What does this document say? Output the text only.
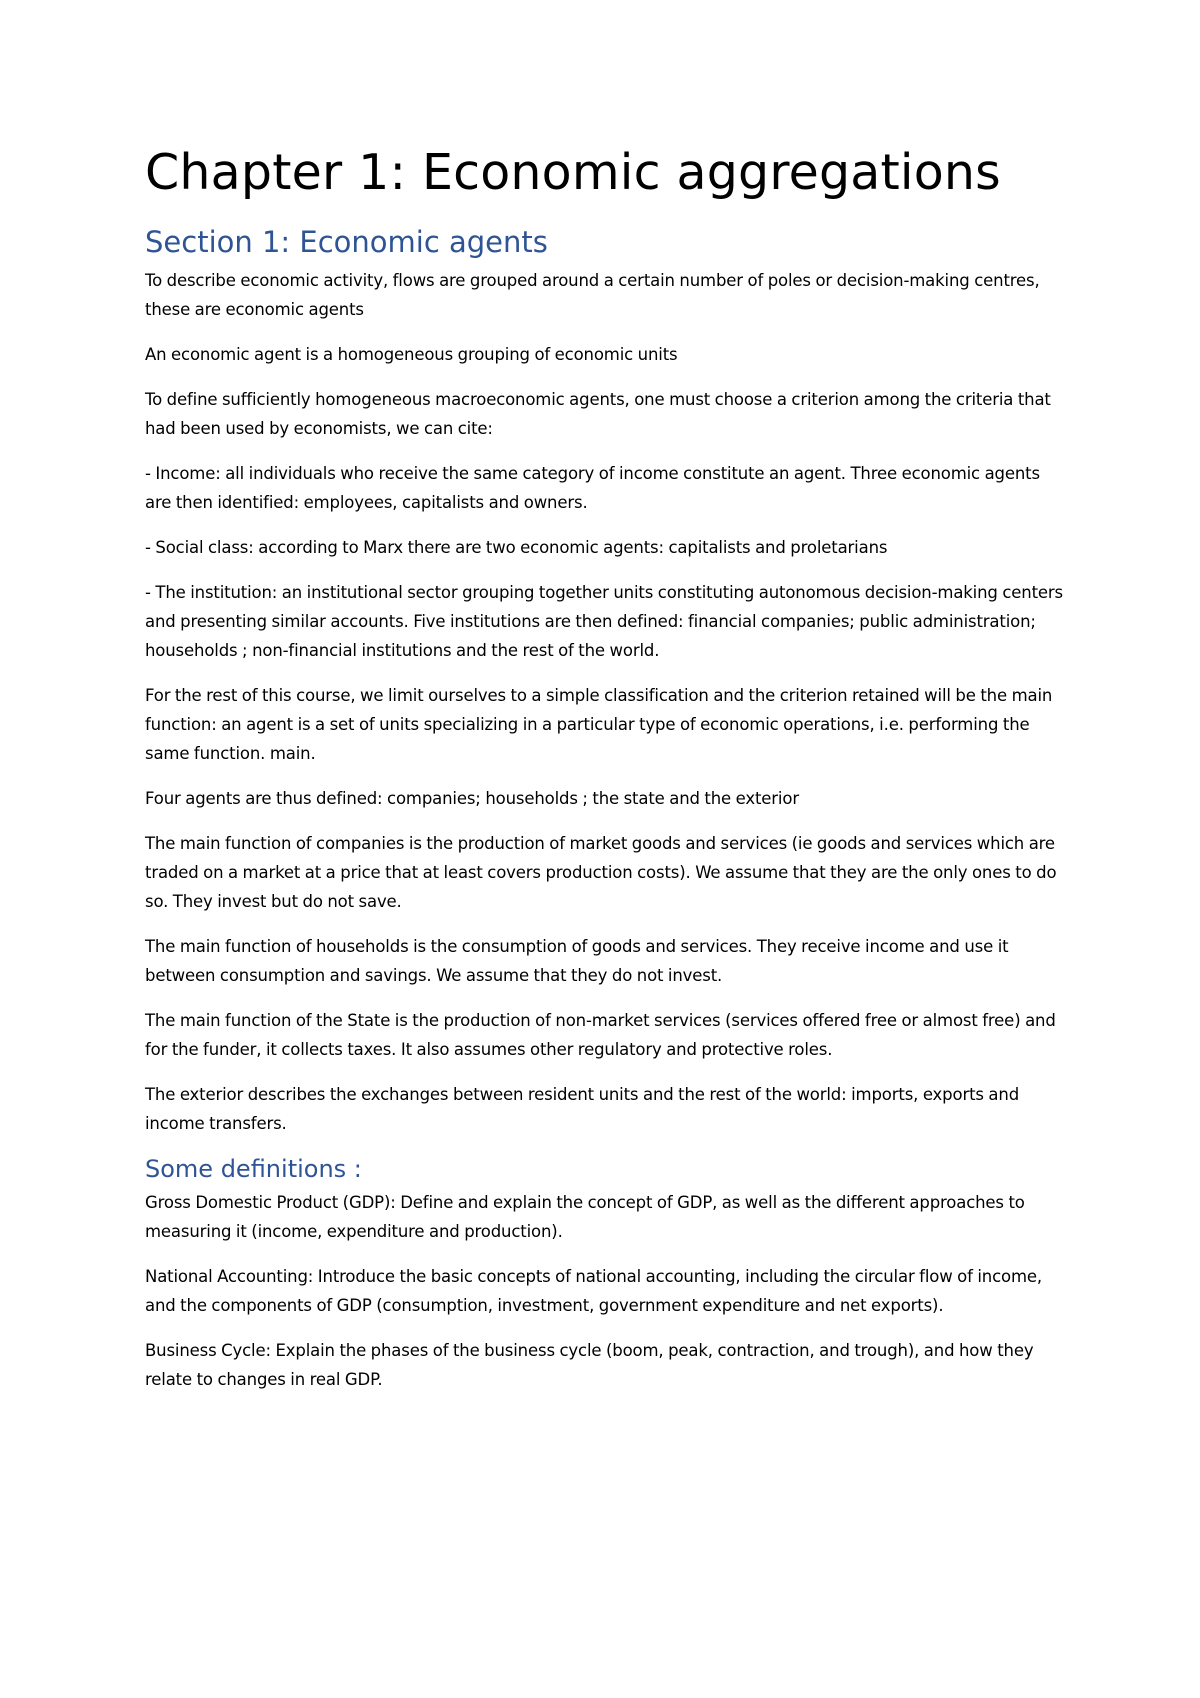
Chapter 1: Economic aggregations
Section 1: Economic agents

To describe economic activity, flows are grouped around a certain number of poles or decision-making centres, these are economic agents

An economic agent is a homogeneous grouping of economic units

To define sufficiently homogeneous macroeconomic agents, one must choose a criterion among the criteria that had been used by economists, we can cite:

- Income: all individuals who receive the same category of income constitute an agent. Three economic agents are then identified: employees, capitalists and owners.

- Social class: according to Marx there are two economic agents: capitalists and proletarians

- The institution: an institutional sector grouping together units constituting autonomous decision-making centers and presenting similar accounts. Five institutions are then defined: financial companies; public administration; households ; non-financial institutions and the rest of the world.

For the rest of this course, we limit ourselves to a simple classification and the criterion retained will be the main function: an agent is a set of units specializing in a particular type of economic operations, i.e. performing the same function. main.

Four agents are thus defined: companies; households ; the state and the exterior

The main function of companies is the production of market goods and services (ie goods and services which are traded on a market at a price that at least covers production costs). We assume that they are the only ones to do so. They invest but do not save.

The main function of households is the consumption of goods and services. They receive income and use it between consumption and savings. We assume that they do not invest.

The main function of the State is the production of non-market services (services offered free or almost free) and for the funder, it collects taxes. It also assumes other regulatory and protective roles.

The exterior describes the exchanges between resident units and the rest of the world: imports, exports and income transfers.

Some definitions :

Gross Domestic Product (GDP): Define and explain the concept of GDP, as well as the different approaches to measuring it (income, expenditure and production).

National Accounting: Introduce the basic concepts of national accounting, including the circular flow of income, and the components of GDP (consumption, investment, government expenditure and net exports).

Business Cycle: Explain the phases of the business cycle (boom, peak, contraction, and trough), and how they relate to changes in real GDP.
